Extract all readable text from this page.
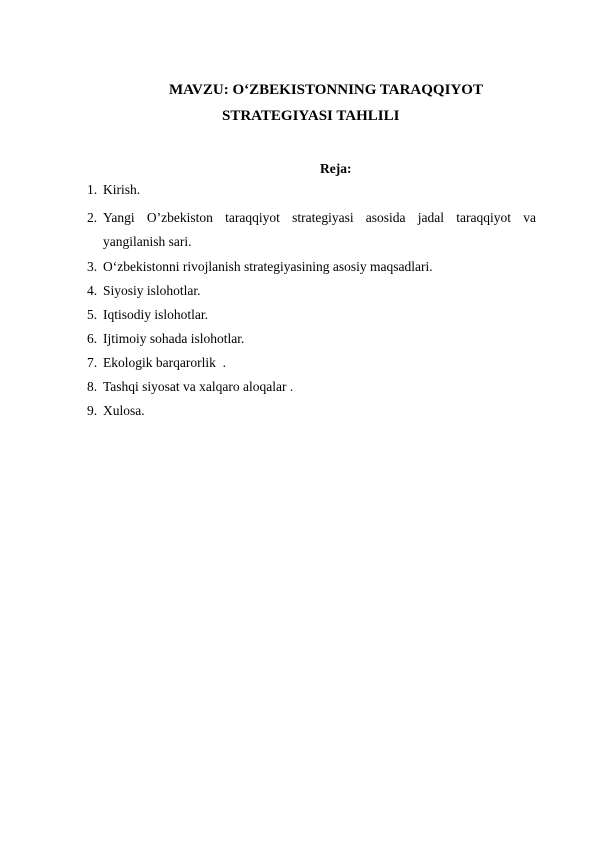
MAVZU: O‘ZBEKISTONNING TARAQQIYOT
STRATEGIYASI TAHLILI
Reja:
1. Kirish.
2. Yangi O’zbekiston taraqqiyot strategiyasi asosida jadal taraqqiyot va
yangilanish sari.
3. O‘zbekistonni rivojlanish strategiyasining asosiy maqsadlari.
4. Siyosiy islohotlar.
5. Iqtisodiy islohotlar.
6. Ijtimoiy sohada islohotlar.
7. Ekologik barqarorlik  .
8. Tashqi siyosat va xalqaro aloqalar .
9. Xulosa.
